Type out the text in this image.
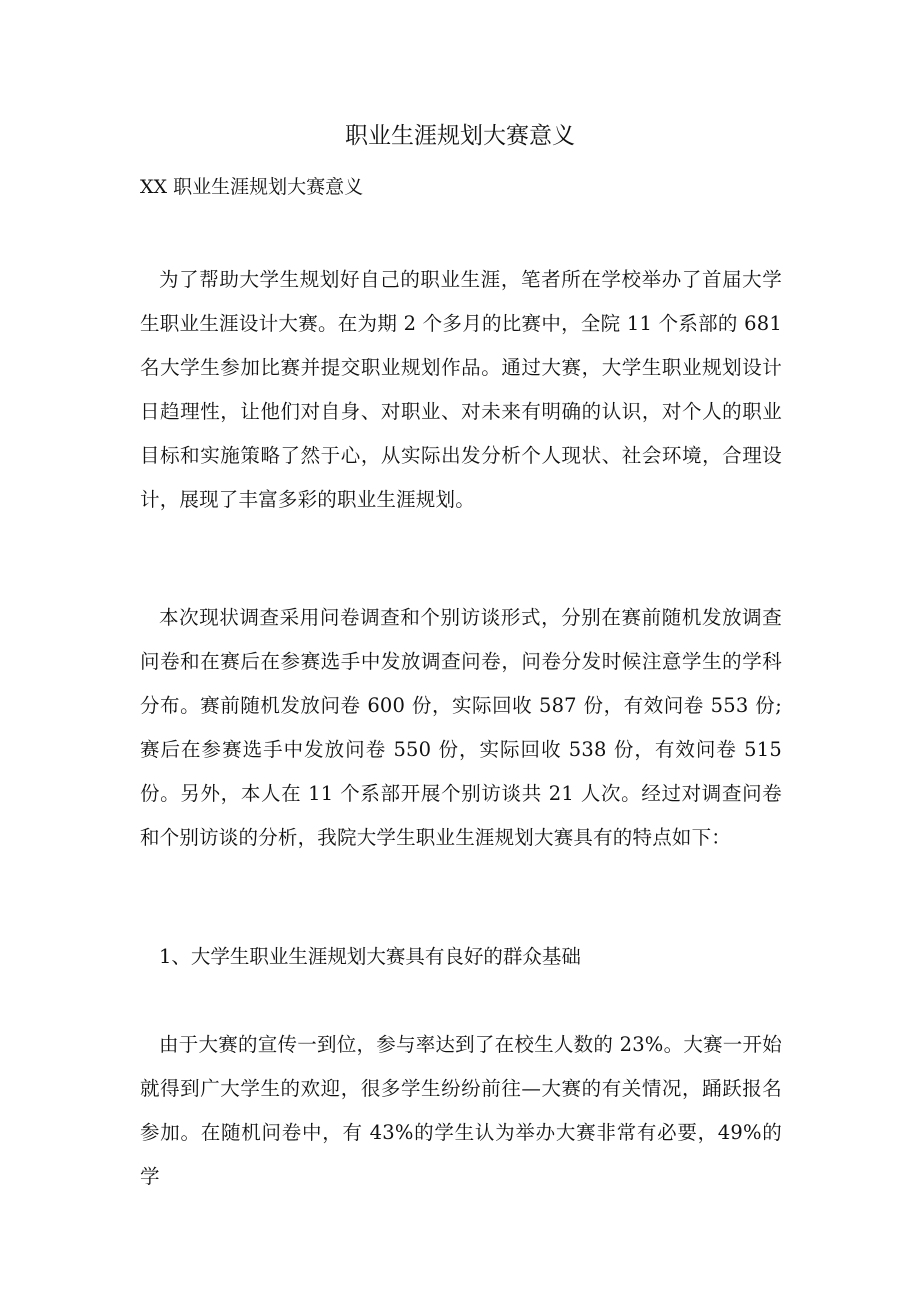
职业生涯规划大赛意义

XX 职业生涯规划大赛意义

为了帮助大学生规划好自己的职业生涯，笔者所在学校举办了首届大学生职业生涯设计大赛。在为期 2 个多月的比赛中，全院 11 个系部的 681 名大学生参加比赛并提交职业规划作品。通过大赛，大学生职业规划设计日趋理性，让他们对自身、对职业、对未来有明确的认识，对个人的职业目标和实施策略了然于心，从实际出发分析个人现状、社会环境，合理设计，展现了丰富多彩的职业生涯规划。

本次现状调查采用问卷调查和个别访谈形式，分别在赛前随机发放调查问卷和在赛后在参赛选手中发放调查问卷，问卷分发时候注意学生的学科分布。赛前随机发放问卷 600 份，实际回收 587 份，有效问卷 553 份;赛后在参赛选手中发放问卷 550 份，实际回收 538 份，有效问卷 515 份。另外，本人在 11 个系部开展个别访谈共 21 人次。经过对调查问卷和个别访谈的分析，我院大学生职业生涯规划大赛具有的特点如下：

1、大学生职业生涯规划大赛具有良好的群众基础

由于大赛的宣传一到位，参与率达到了在校生人数的 23%。大赛一开始就得到广大学生的欢迎，很多学生纷纷前往—大赛的有关情况，踊跃报名参加。在随机问卷中，有 43%的学生认为举办大赛非常有必要，49%的学
